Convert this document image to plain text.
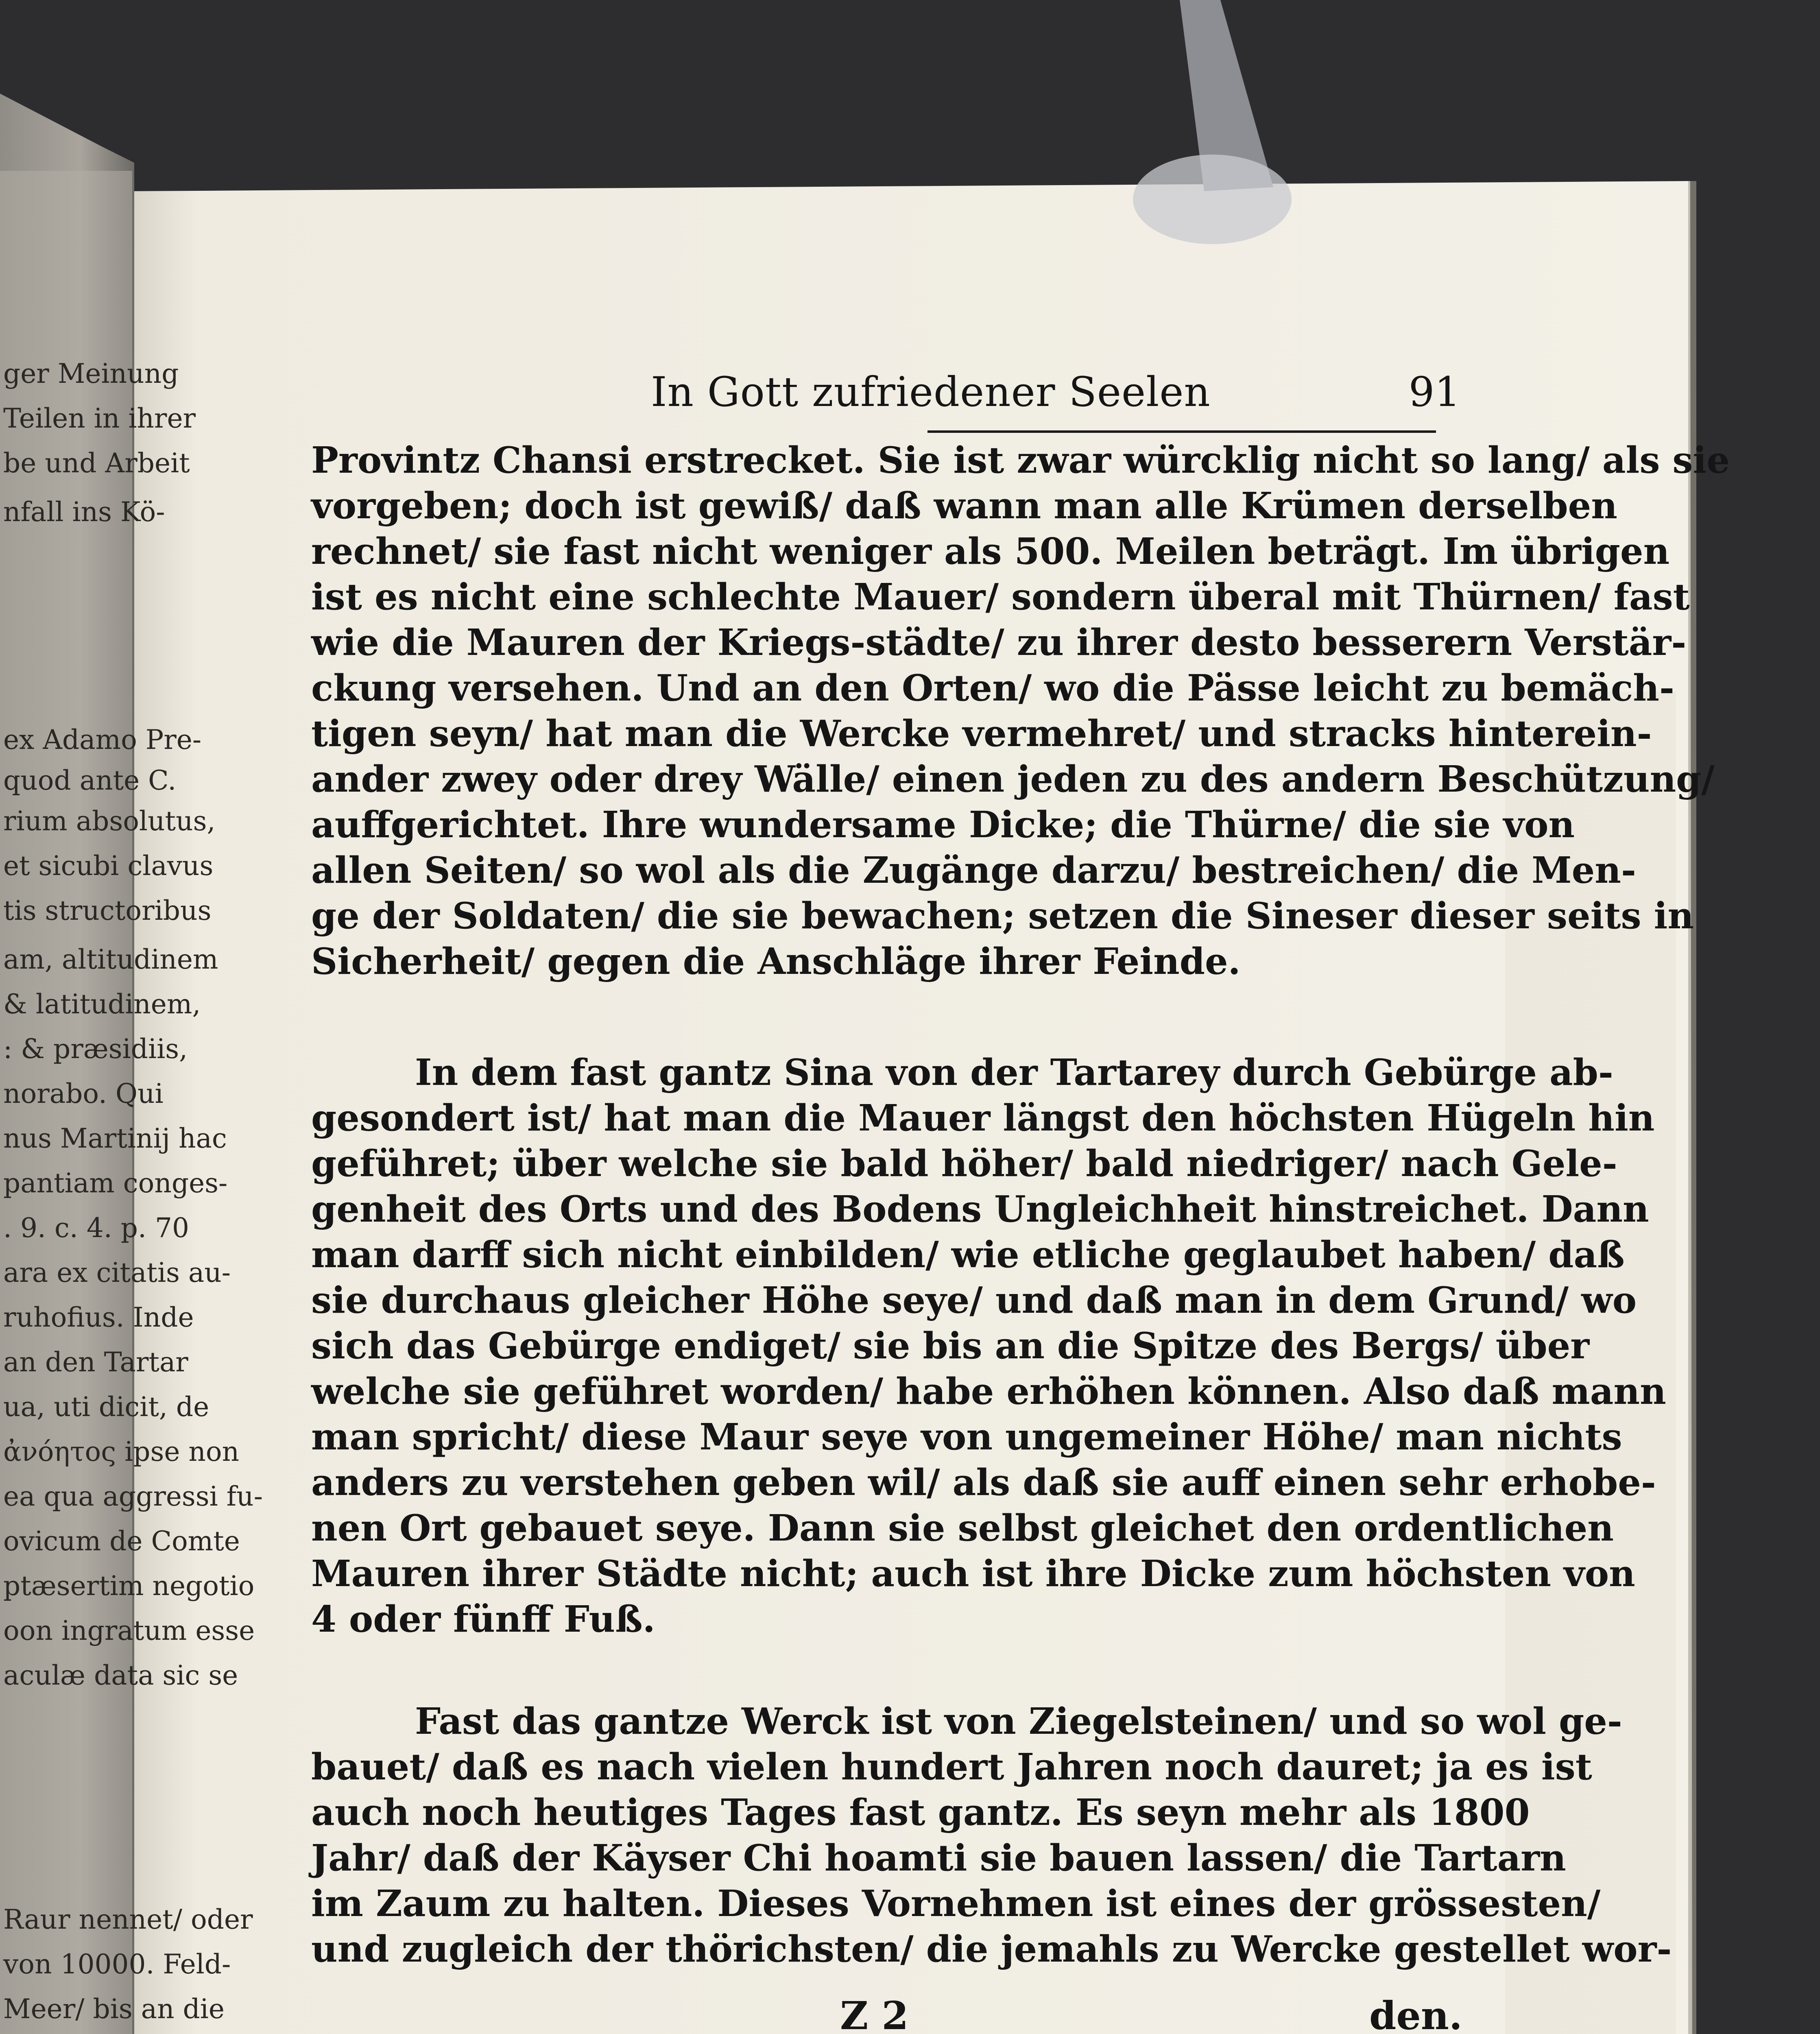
ger Meinung
Teilen in ihrer
be und Arbeit
nfall ins Kö-
ex Adamo Pre-
quod ante C.
rium absolutus,
et sicubi clavus
tis structoribus
am, altitudinem
& latitudinem,
: & præsidiis,
norabo. Qui
nus Martinij hac
pantiam conges-
. 9. c. 4. p. 70
ara ex citatis au-
ruhofius. Inde
an den Tartar
ua, uti dicit, de
ἀνόητος ipse non
ea qua aggressi fu-
ovicum de Comte
ptæsertim negotio
oon ingratum esse
aculæ data sic se
Raur nennet/ oder
von 10000. Feld-
Meer/ bis an die
In Gott zufriedener Seelen	91
Provintz Chansi erstrecket. Sie ist zwar würcklig nicht so lang/ als sie
vorgeben; doch ist gewiß/ daß wann man alle Krümen derselben
rechnet/ sie fast nicht weniger als 500. Meilen beträgt. Im übrigen
ist es nicht eine schlechte Mauer/ sondern überal mit Thürnen/ fast
wie die Mauren der Kriegs-städte/ zu ihrer desto besserern Verstär-
ckung versehen. Und an den Orten/ wo die Pässe leicht zu bemäch-
tigen seyn/ hat man die Wercke vermehret/ und stracks hinterein-
ander zwey oder drey Wälle/ einen jeden zu des andern Beschützung/
auffgerichtet. Ihre wundersame Dicke; die Thürne/ die sie von
allen Seiten/ so wol als die Zugänge darzu/ bestreichen/ die Men-
ge der Soldaten/ die sie bewachen; setzen die Sineser dieser seits in
Sicherheit/ gegen die Anschläge ihrer Feinde.
In dem fast gantz Sina von der Tartarey durch Gebürge ab-
gesondert ist/ hat man die Mauer längst den höchsten Hügeln hin
geführet; über welche sie bald höher/ bald niedriger/ nach Gele-
genheit des Orts und des Bodens Ungleichheit hinstreichet. Dann
man darff sich nicht einbilden/ wie etliche geglaubet haben/ daß
sie durchaus gleicher Höhe seye/ und daß man in dem Grund/ wo
sich das Gebürge endiget/ sie bis an die Spitze des Bergs/ über
welche sie geführet worden/ habe erhöhen können. Also daß mann
man spricht/ diese Maur seye von ungemeiner Höhe/ man nichts
anders zu verstehen geben wil/ als daß sie auff einen sehr erhobe-
nen Ort gebauet seye. Dann sie selbst gleichet den ordentlichen
Mauren ihrer Städte nicht; auch ist ihre Dicke zum höchsten von
4 oder fünff Fuß.
Fast das gantze Werck ist von Ziegelsteinen/ und so wol ge-
bauet/ daß es nach vielen hundert Jahren noch dauret; ja es ist
auch noch heutiges Tages fast gantz. Es seyn mehr als 1800
Jahr/ daß der Käyser Chi hoamti sie bauen lassen/ die Tartarn
im Zaum zu halten. Dieses Vornehmen ist eines der grössesten/
und zugleich der thörichsten/ die jemahls zu Wercke gestellet wor-
Z 2	den.
